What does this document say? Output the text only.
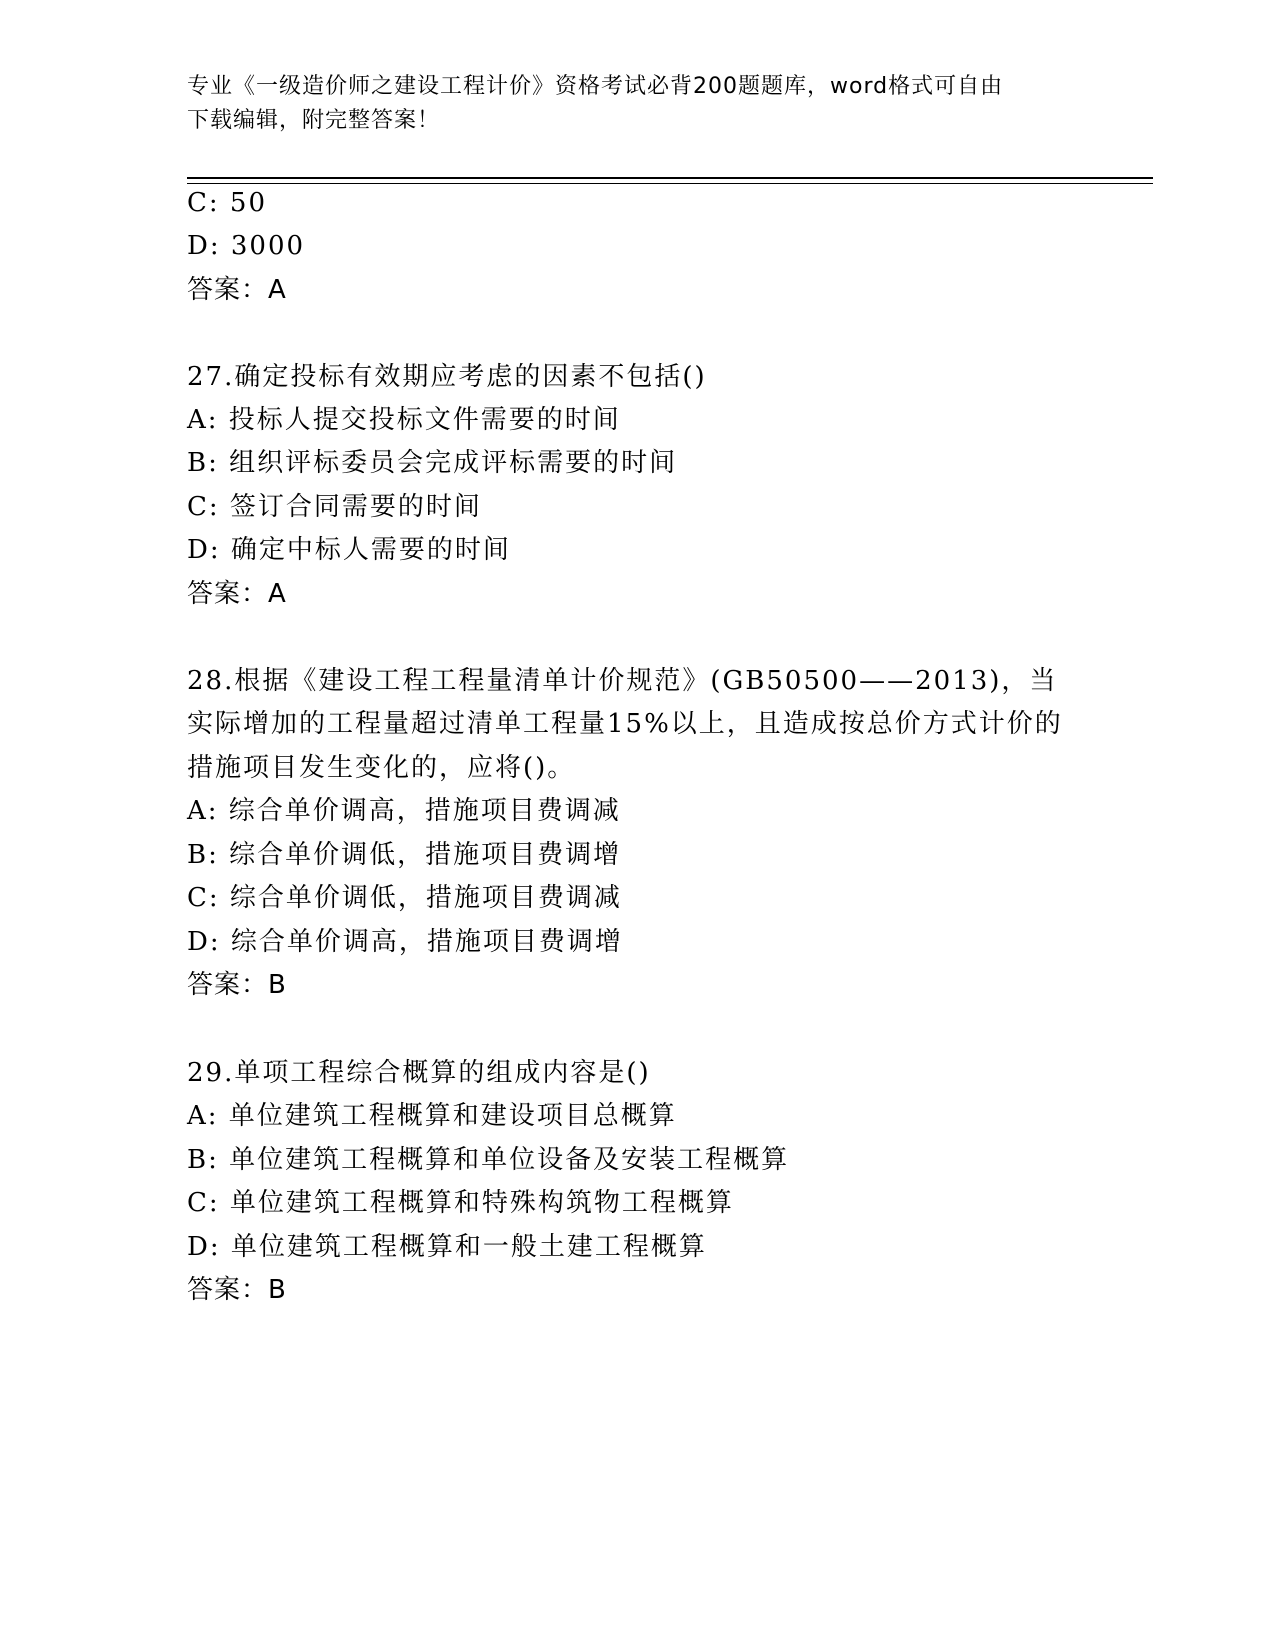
专业《一级造价师之建设工程计价》资格考试必背200题题库，word格式可自由
下载编辑，附完整答案！
C: 50
D: 3000
答案：A
27.确定投标有效期应考虑的因素不包括()
A: 投标人提交投标文件需要的时间
B: 组织评标委员会完成评标需要的时间
C: 签订合同需要的时间
D: 确定中标人需要的时间
答案：A
28.根据《建设工程工程量清单计价规范》(GB50500——2013)，当
实际增加的工程量超过清单工程量15%以上，且造成按总价方式计价的
措施项目发生变化的，应将()。
A: 综合单价调高，措施项目费调减
B: 综合单价调低，措施项目费调增
C: 综合单价调低，措施项目费调减
D: 综合单价调高，措施项目费调增
答案：B
29.单项工程综合概算的组成内容是()
A: 单位建筑工程概算和建设项目总概算
B: 单位建筑工程概算和单位设备及安装工程概算
C: 单位建筑工程概算和特殊构筑物工程概算
D: 单位建筑工程概算和一般土建工程概算
答案：B
